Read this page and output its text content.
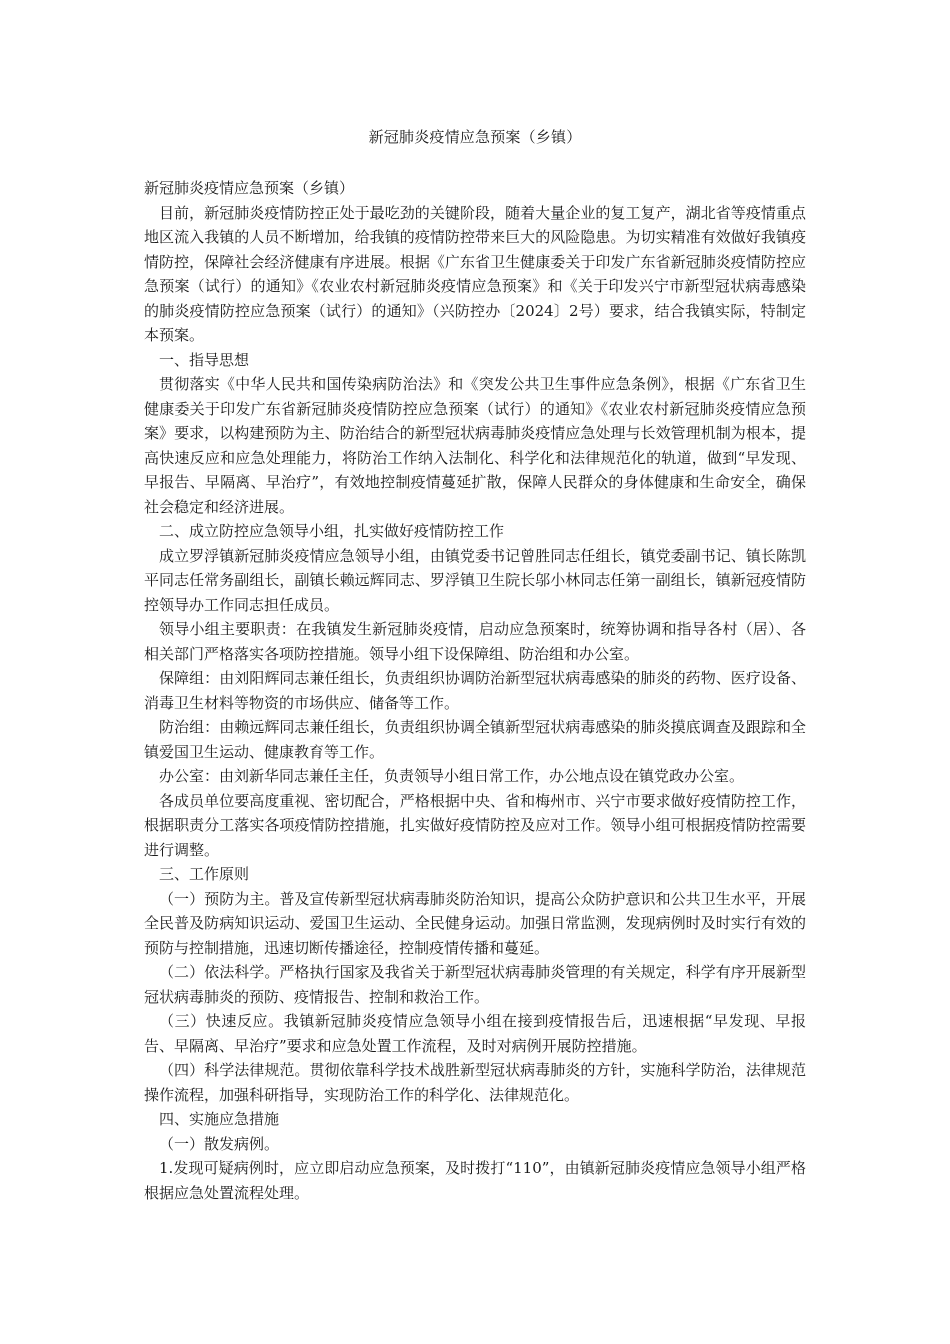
新冠肺炎疫情应急预案（乡镇）

新冠肺炎疫情应急预案（乡镇）

目前，新冠肺炎疫情防控正处于最吃劲的关键阶段，随着大量企业的复工复产，湖北省等疫情重点地区流入我镇的人员不断增加，给我镇的疫情防控带来巨大的风险隐患。为切实精准有效做好我镇疫情防控，保障社会经济健康有序进展。根据《广东省卫生健康委关于印发广东省新冠肺炎疫情防控应急预案（试行）的通知》《农业农村新冠肺炎疫情应急预案》和《关于印发兴宁市新型冠状病毒感染的肺炎疫情防控应急预案（试行）的通知》（兴防控办〔2024〕2号）要求，结合我镇实际，特制定本预案。

一、指导思想

贯彻落实《中华人民共和国传染病防治法》和《突发公共卫生事件应急条例》，根据《广东省卫生健康委关于印发广东省新冠肺炎疫情防控应急预案（试行）的通知》《农业农村新冠肺炎疫情应急预案》要求，以构建预防为主、防治结合的新型冠状病毒肺炎疫情应急处理与长效管理机制为根本，提高快速反应和应急处理能力，将防治工作纳入法制化、科学化和法律规范化的轨道，做到“早发现、早报告、早隔离、早治疗”，有效地控制疫情蔓延扩散，保障人民群众的身体健康和生命安全，确保社会稳定和经济进展。

二、成立防控应急领导小组，扎实做好疫情防控工作

成立罗浮镇新冠肺炎疫情应急领导小组，由镇党委书记曾胜同志任组长，镇党委副书记、镇长陈凯平同志任常务副组长，副镇长赖远辉同志、罗浮镇卫生院长邬小林同志任第一副组长，镇新冠疫情防控领导办工作同志担任成员。

领导小组主要职责：在我镇发生新冠肺炎疫情，启动应急预案时，统筹协调和指导各村（居）、各相关部门严格落实各项防控措施。领导小组下设保障组、防治组和办公室。

保障组：由刘阳辉同志兼任组长，负责组织协调防治新型冠状病毒感染的肺炎的药物、医疗设备、消毒卫生材料等物资的市场供应、储备等工作。

防治组：由赖远辉同志兼任组长，负责组织协调全镇新型冠状病毒感染的肺炎摸底调查及跟踪和全镇爱国卫生运动、健康教育等工作。

办公室：由刘新华同志兼任主任，负责领导小组日常工作，办公地点设在镇党政办公室。

各成员单位要高度重视、密切配合，严格根据中央、省和梅州市、兴宁市要求做好疫情防控工作，根据职责分工落实各项疫情防控措施，扎实做好疫情防控及应对工作。领导小组可根据疫情防控需要进行调整。

三、工作原则

（一）预防为主。普及宣传新型冠状病毒肺炎防治知识，提高公众防护意识和公共卫生水平，开展全民普及防病知识运动、爱国卫生运动、全民健身运动。加强日常监测，发现病例时及时实行有效的预防与控制措施，迅速切断传播途径，控制疫情传播和蔓延。

（二）依法科学。严格执行国家及我省关于新型冠状病毒肺炎管理的有关规定，科学有序开展新型冠状病毒肺炎的预防、疫情报告、控制和救治工作。

（三）快速反应。我镇新冠肺炎疫情应急领导小组在接到疫情报告后，迅速根据“早发现、早报告、早隔离、早治疗”要求和应急处置工作流程，及时对病例开展防控措施。

（四）科学法律规范。贯彻依靠科学技术战胜新型冠状病毒肺炎的方针，实施科学防治，法律规范操作流程，加强科研指导，实现防治工作的科学化、法律规范化。

四、实施应急措施

（一）散发病例。

1.发现可疑病例时，应立即启动应急预案，及时拨打“110”，由镇新冠肺炎疫情应急领导小组严格根据应急处置流程处理。
